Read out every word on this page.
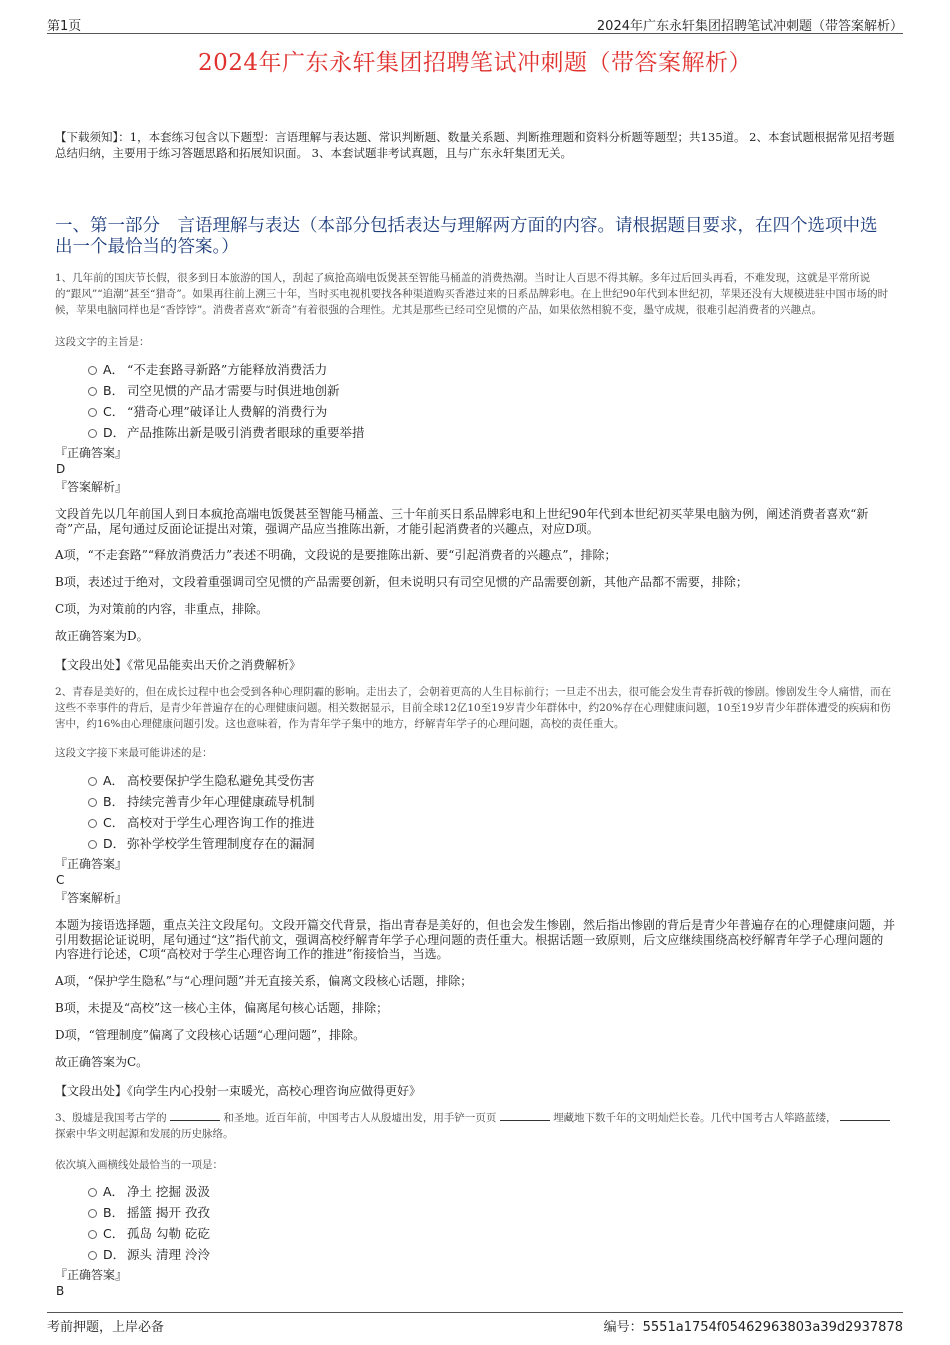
第1页	2024年广东永轩集团招聘笔试冲刺题（带答案解析）
2024年广东永轩集团招聘笔试冲刺题（带答案解析）
【下载须知】：1，本套练习包含以下题型：言语理解与表达题、常识判断题、数量关系题、判断推理题和资料分析题等题型；共135道。 2、本套试题根据常见招考题总结归纳，主要用于练习答题思路和拓展知识面。 3、本套试题非考试真题，且与广东永轩集团无关。
一、第一部分　言语理解与表达（本部分包括表达与理解两方面的内容。请根据题目要求，在四个选项中选出一个最恰当的答案。）
1、几年前的国庆节长假，很多到日本旅游的国人，刮起了疯抢高端电饭煲甚至智能马桶盖的消费热潮。当时让人百思不得其解。多年过后回头再看，不难发现，这就是平常所说的“跟风”“追潮”甚至“猎奇”。如果再往前上溯三十年，当时买电视机要找各种渠道购买香港过来的日系品牌彩电。在上世纪90年代到本世纪初，苹果还没有大规模进驻中国市场的时候，苹果电脑同样也是“香饽饽”。消费者喜欢“新奇”有着很强的合理性。尤其是那些已经司空见惯的产品，如果依然相貌不变，墨守成规，很难引起消费者的兴趣点。
这段文字的主旨是：
A． “不走套路寻新路”方能释放消费活力
B． 司空见惯的产品才需要与时俱进地创新
C． “猎奇心理”破译让人费解的消费行为
D． 产品推陈出新是吸引消费者眼球的重要举措
『正确答案』
D
『答案解析』
文段首先以几年前国人到日本疯抢高端电饭煲甚至智能马桶盖、三十年前买日系品牌彩电和上世纪90年代到本世纪初买苹果电脑为例，阐述消费者喜欢“新奇”产品，尾句通过反面论证提出对策，强调产品应当推陈出新，才能引起消费者的兴趣点，对应D项。
A项，“不走套路”“释放消费活力”表述不明确，文段说的是要推陈出新、要“引起消费者的兴趣点”，排除；
B项，表述过于绝对，文段着重强调司空见惯的产品需要创新，但未说明只有司空见惯的产品需要创新，其他产品都不需要，排除；
C项，为对策前的内容，非重点，排除。
故正确答案为D。
【文段出处】《常见品能卖出天价之消费解析》
2、青春是美好的，但在成长过程中也会受到各种心理阴霾的影响。走出去了，会朝着更高的人生目标前行；一旦走不出去，很可能会发生青春折戟的惨剧。惨剧发生令人痛惜，而在这些不幸事件的背后，是青少年普遍存在的心理健康问题。相关数据显示，目前全球12亿10至19岁青少年群体中，约20%存在心理健康问题，10至19岁青少年群体遭受的疾病和伤害中，约16%由心理健康问题引发。这也意味着，作为青年学子集中的地方，纾解青年学子的心理问题，高校的责任重大。
这段文字接下来最可能讲述的是：
A． 高校要保护学生隐私避免其受伤害
B． 持续完善青少年心理健康疏导机制
C． 高校对于学生心理咨询工作的推进
D． 弥补学校学生管理制度存在的漏洞
『正确答案』
C
『答案解析』
本题为接语选择题，重点关注文段尾句。文段开篇交代背景，指出青春是美好的，但也会发生惨剧，然后指出惨剧的背后是青少年普遍存在的心理健康问题，并引用数据论证说明，尾句通过“这”指代前文，强调高校纾解青年学子心理问题的责任重大。根据话题一致原则，后文应继续围绕高校纾解青年学子心理问题的内容进行论述，C项“高校对于学生心理咨询工作的推进”衔接恰当，当选。
A项，“保护学生隐私”与“心理问题”并无直接关系，偏离文段核心话题，排除；
B项，未提及“高校”这一核心主体，偏离尾句核心话题，排除；
D项，“管理制度”偏离了文段核心话题“心理问题”，排除。
故正确答案为C。
【文段出处】《向学生内心投射一束暖光，高校心理咨询应做得更好》
3、殷墟是我国考古学的	和圣地。近百年前，中国考古人从殷墟出发，用手铲一页页	埋藏地下数千年的文明灿烂长卷。几代中国考古人筚路蓝缕，  探索中华文明起源和发展的历史脉络。
依次填入画横线处最恰当的一项是：
A． 净土 挖掘 汲汲
B． 摇篮 揭开 孜孜
C． 孤岛 勾勒 矻矻
D． 源头 清理 泠泠
『正确答案』
B
考前押题，上岸必备	编号：5551a1754f05462963803a39d2937878
